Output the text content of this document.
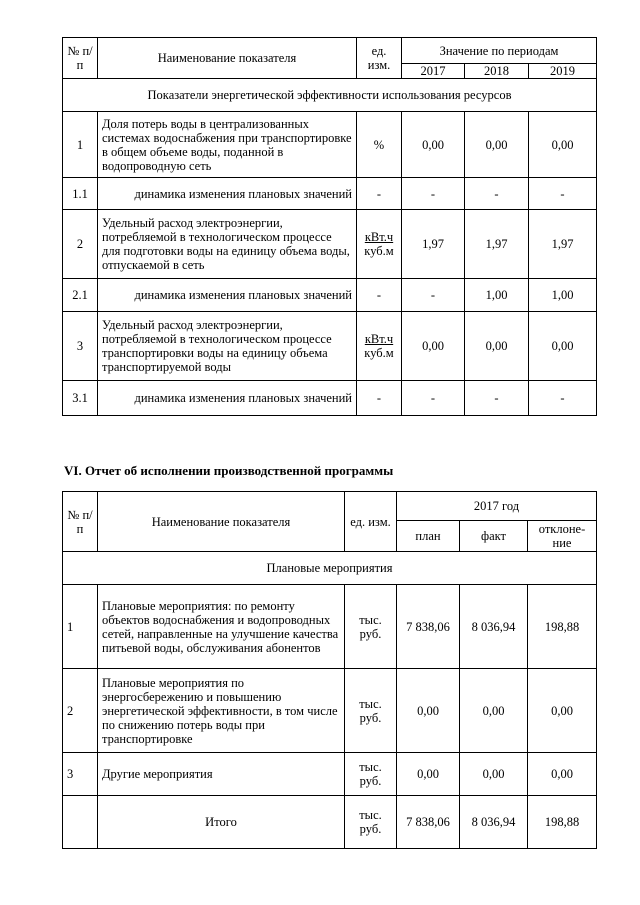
№ п/п	Наименование показателя	ед. изм.	Значение по периодам		
			2017	2018	2019
Показатели энергетической эффективности использования ресурсов					
1	Доля потерь воды в централизованных системах водоснабжения при транспортировке в общем объеме воды, поданной в водопроводную сеть	%	0,00	0,00	0,00
1.1	динамика изменения плановых значений	-	-	-	-
2	Удельный расход электроэнергии, потребляемой в технологическом процессе для подготовки воды на единицу объема воды, отпускаемой в сеть	кВт.ч
куб.м	1,97	1,97	1,97
2.1	динамика изменения плановых значений	-	-	1,00	1,00
3	Удельный расход электроэнергии, потребляемой в технологическом процессе транспортировки воды на единицу объема транспортируемой воды	кВт.ч
куб.м	0,00	0,00	0,00
3.1	динамика изменения плановых значений	-	-	-	-
VI. Отчет об исполнении производственной программы
№ п/п	Наименование показателя	ед. изм.	2017 год		
			план	факт	отклоне-ние
Плановые мероприятия					
1	Плановые мероприятия: по ремонту объектов водоснабжения и водопроводных сетей, направленные на улучшение качества питьевой воды, обслуживания абонентов	тыс. руб.	7 838,06	8 036,94	198,88
2	Плановые мероприятия по энергосбережению и повышению энергетической эффективности, в том числе по снижению потерь воды при транспортировке	тыс. руб.	0,00	0,00	0,00
3	Другие мероприятия	тыс. руб.	0,00	0,00	0,00
	Итого	тыс. руб.	7 838,06	8 036,94	198,88
